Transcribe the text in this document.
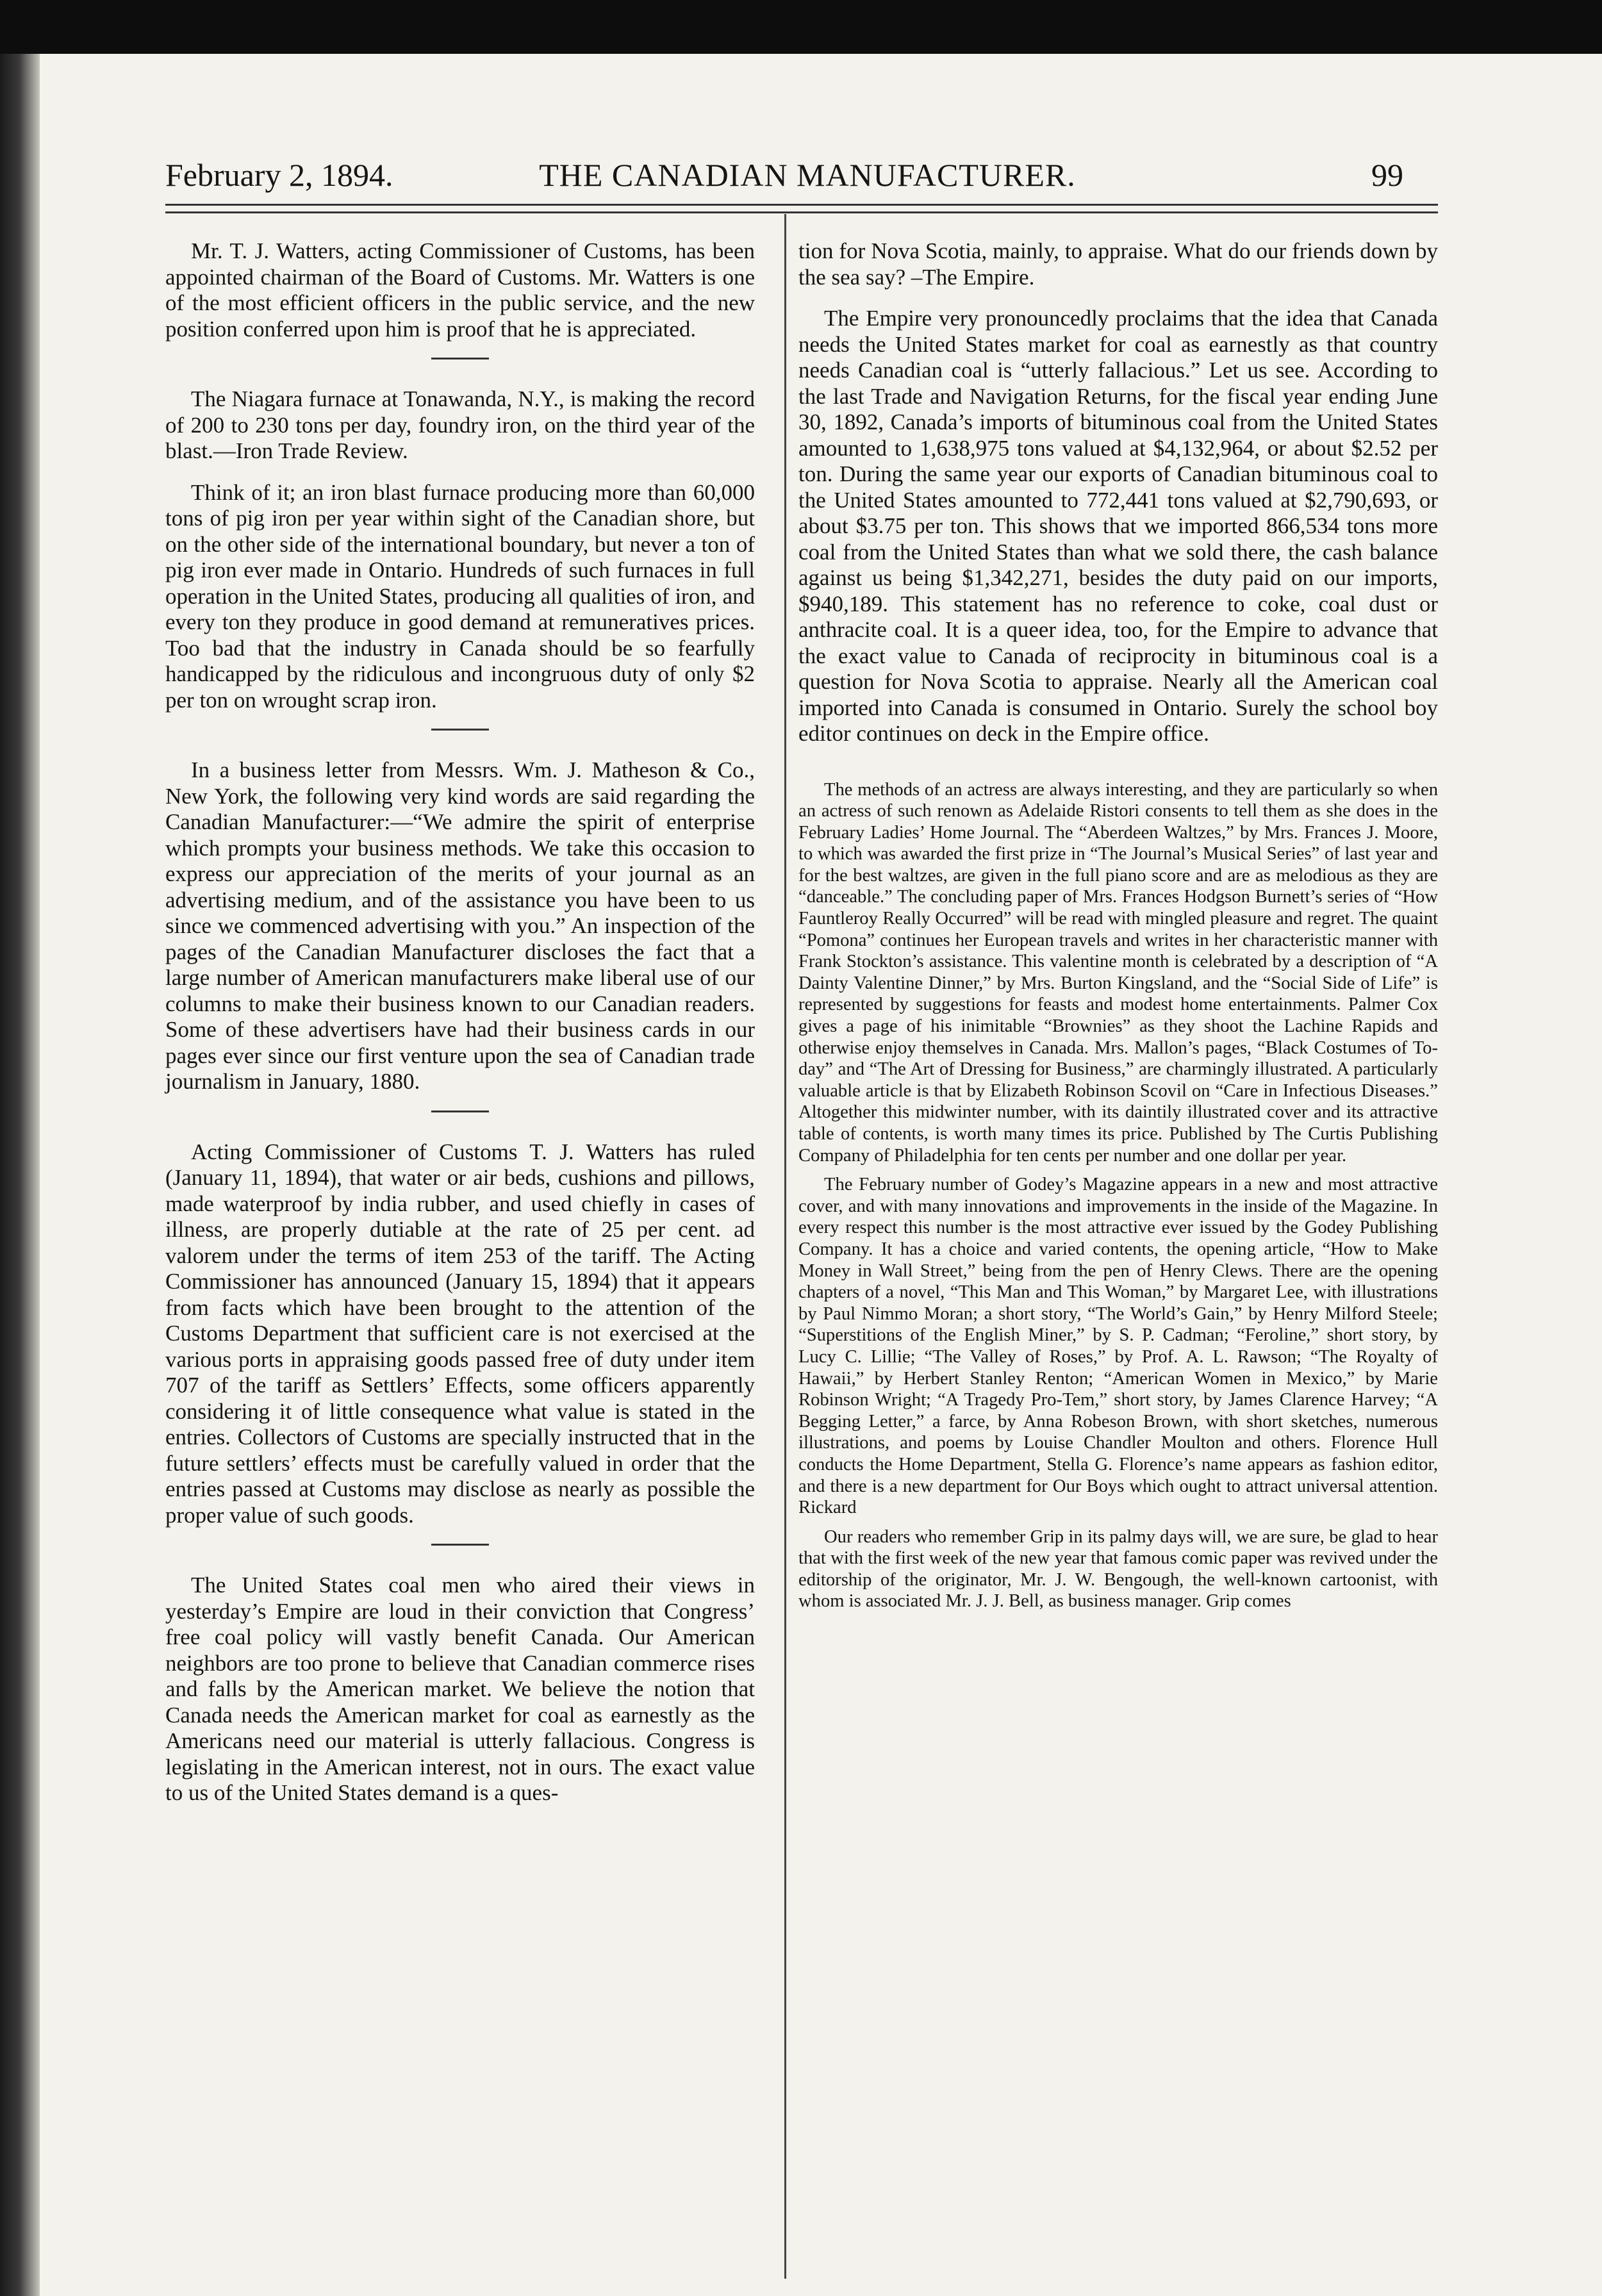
February 2, 1894.	THE CANADIAN MANUFACTURER.	99

Mr. T. J. Watters, acting Commissioner of Customs, has been appointed chairman of the Board of Customs. Mr. Watters is one of the most efficient officers in the public service, and the new position conferred upon him is proof that he is appreciated.

The Niagara furnace at Tonawanda, N.Y., is making the record of 200 to 230 tons per day, foundry iron, on the third year of the blast.—Iron Trade Review.

Think of it; an iron blast furnace producing more than 60,000 tons of pig iron per year within sight of the Canadian shore, but on the other side of the international boundary, but never a ton of pig iron ever made in Ontario. Hundreds of such furnaces in full operation in the United States, producing all qualities of iron, and every ton they produce in good demand at remuneratives prices. Too bad that the industry in Canada should be so fearfully handicapped by the ridiculous and incongruous duty of only $2 per ton on wrought scrap iron.

In a business letter from Messrs. Wm. J. Matheson & Co., New York, the following very kind words are said regarding the Canadian Manufacturer:—“We admire the spirit of enterprise which prompts your business methods. We take this occasion to express our appreciation of the merits of your journal as an advertising medium, and of the assistance you have been to us since we commenced advertising with you.” An inspection of the pages of the Canadian Manufacturer discloses the fact that a large number of American manufacturers make liberal use of our columns to make their business known to our Canadian readers. Some of these advertisers have had their business cards in our pages ever since our first venture upon the sea of Canadian trade journalism in January, 1880.

Acting Commissioner of Customs T. J. Watters has ruled (January 11, 1894), that water or air beds, cushions and pillows, made waterproof by india rubber, and used chiefly in cases of illness, are properly dutiable at the rate of 25 per cent. ad valorem under the terms of item 253 of the tariff. The Acting Commissioner has announced (January 15, 1894) that it appears from facts which have been brought to the attention of the Customs Department that sufficient care is not exercised at the various ports in appraising goods passed free of duty under item 707 of the tariff as Settlers’ Effects, some officers apparently considering it of little consequence what value is stated in the entries. Collectors of Customs are specially instructed that in the future settlers’ effects must be carefully valued in order that the entries passed at Customs may disclose as nearly as possible the proper value of such goods.

The United States coal men who aired their views in yesterday’s Empire are loud in their conviction that Congress’ free coal policy will vastly benefit Canada. Our American neighbors are too prone to believe that Canadian commerce rises and falls by the American market. We believe the notion that Canada needs the American market for coal as earnestly as the Americans need our material is utterly fallacious. Congress is legislating in the American interest, not in ours. The exact value to us of the United States demand is a ques-

tion for Nova Scotia, mainly, to appraise. What do our friends down by the sea say? –The Empire.

The Empire very pronouncedly proclaims that the idea that Canada needs the United States market for coal as earnestly as that country needs Canadian coal is “utterly fallacious.” Let us see. According to the last Trade and Navigation Returns, for the fiscal year ending June 30, 1892, Canada’s imports of bituminous coal from the United States amounted to 1,638,975 tons valued at $4,132,964, or about $2.52 per ton. During the same year our exports of Canadian bituminous coal to the United States amounted to 772,441 tons valued at $2,790,693, or about $3.75 per ton. This shows that we imported 866,534 tons more coal from the United States than what we sold there, the cash balance against us being $1,342,271, besides the duty paid on our imports, $940,189. This statement has no reference to coke, coal dust or anthracite coal. It is a queer idea, too, for the Empire to advance that the exact value to Canada of reciprocity in bituminous coal is a question for Nova Scotia to appraise. Nearly all the American coal imported into Canada is consumed in Ontario. Surely the school boy editor continues on deck in the Empire office.

The methods of an actress are always interesting, and they are particularly so when an actress of such renown as Adelaide Ristori consents to tell them as she does in the February Ladies’ Home Journal. The “Aberdeen Waltzes,” by Mrs. Frances J. Moore, to which was awarded the first prize in “The Journal’s Musical Series” of last year and for the best waltzes, are given in the full piano score and are as melodious as they are “danceable.” The concluding paper of Mrs. Frances Hodgson Burnett’s series of “How Fauntleroy Really Occurred” will be read with mingled pleasure and regret. The quaint “Pomona” continues her European travels and writes in her characteristic manner with Frank Stockton’s assistance. This valentine month is celebrated by a description of “A Dainty Valentine Dinner,” by Mrs. Burton Kingsland, and the “Social Side of Life” is represented by suggestions for feasts and modest home entertainments. Palmer Cox gives a page of his inimitable “Brownies” as they shoot the Lachine Rapids and otherwise enjoy themselves in Canada. Mrs. Mallon’s pages, “Black Costumes of To-day” and “The Art of Dressing for Business,” are charmingly illustrated. A particularly valuable article is that by Elizabeth Robinson Scovil on “Care in Infectious Diseases.” Altogether this midwinter number, with its daintily illustrated cover and its attractive table of contents, is worth many times its price. Published by The Curtis Publishing Company of Philadelphia for ten cents per number and one dollar per year.

The February number of Godey’s Magazine appears in a new and most attractive cover, and with many innovations and improvements in the inside of the Magazine. In every respect this number is the most attractive ever issued by the Godey Publishing Company. It has a choice and varied contents, the opening article, “How to Make Money in Wall Street,” being from the pen of Henry Clews. There are the opening chapters of a novel, “This Man and This Woman,” by Margaret Lee, with illustrations by Paul Nimmo Moran; a short story, “The World’s Gain,” by Henry Milford Steele; “Superstitions of the English Miner,” by S. P. Cadman; “Feroline,” short story, by Lucy C. Lillie; “The Valley of Roses,” by Prof. A. L. Rawson; “The Royalty of Hawaii,” by Herbert Stanley Renton; “American Women in Mexico,” by Marie Robinson Wright; “A Tragedy Pro-Tem,” short story, by James Clarence Harvey; “A Begging Letter,” a farce, by Anna Robeson Brown, with short sketches, numerous illustrations, and poems by Louise Chandler Moulton and others. Florence Hull conducts the Home Department, Stella G. Florence’s name appears as fashion editor, and there is a new department for Our Boys which ought to attract universal attention. Rickard

Our readers who remember Grip in its palmy days will, we are sure, be glad to hear that with the first week of the new year that famous comic paper was revived under the editorship of the originator, Mr. J. W. Bengough, the well-known cartoonist, with whom is associated Mr. J. J. Bell, as business manager. Grip comes
